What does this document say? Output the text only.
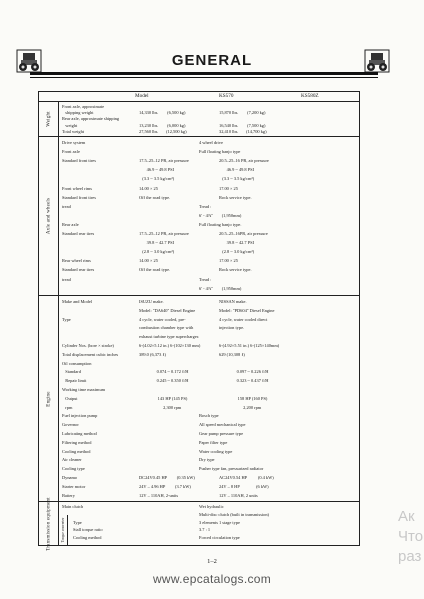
GENERAL
Model	KS570	KS580Z
Weight
Front axle, approximate
shipping weight	14,330 lbs.        (6,500 kg)	15,870 lbs.        (7,200 kg)
Rear axle, approximate shipping
weight	13,230 lbs.        (6,000 kg)	16,540 lbs.        (7,500 kg)
Total weight	27,560 lbs.       (12,500 kg)	32,410 lbs.       (14,700 kg)
Axle and wheels
Drive system	4 wheel drive
Front axle	Full floating banjo type
Standard front tires	17.5–25–12 PR, air pressure	20.5–25–16 PR, air pressure
46.9 ~ 49.8 PSI	46.9 ~ 49.8 PSI
(3.3 ~ 3.5 kg/cm²)	(3.3 ~ 3.5 kg/cm²)
Front wheel rims	14.00 × 25	17.00 × 25
Standard front tires	Off the road type.	Rock service type.
tread	Tread :
6' - 4⅞"        (1,950mm)
Rear axle	Full floating banjo type.
Standard rear tires	17.5–25–12 PR, air pressure	20.5–25–16PR, air pressure
39.8 ~ 42.7 PSI	39.8 ~ 42.7 PSI
(2.8 ~ 3.0 kg/cm²)	(2.8 ~ 3.0 kg/cm²)
Rear wheel rims	14.00 × 25	17.00 × 25
Standard rear tires	Off the road type.	Rock service type.
tread	Tread :
6' - 4⅞"        (1,950mm)
Engine
Make and Model	ISUZU make.	NISSAN make.
Model: "DA640" Diesel Engine	Model: "PD604" Diesel Engine
Type	4 cycle, water cooled, pre-	4 cycle, water cooled direct
combustion chamber type with	injection type.
exhaust turbine type supercharger.
Cylinder Nos. (bore × stroke)	6-(4.02×5.12 in.) 6-(102×130 mm)	6-(4.92×5.51 in.) 6-(125×140mm)
Total displacement cubic inches	389.0 (6,373 ℓ)	629 (10,308 ℓ)
Oil consumption
Standard	0.074 ~ 0.172 ℓ/H	0.097 ~ 0.226 ℓ/H
Repair limit	0.245 ~ 0.350 ℓ/H	0.323 ~ 0.437 ℓ/H
Working time maximum
Output	143 HP (145 PS)	158 HP (160 PS)
rpm	2,300 rpm	2,200 rpm
Fuel injection pump	Bosch type
Governor	All speed mechanical type
Lubricating method	Gear pump pressure type
Filtering method	Paper filter type
Cooling method	Water cooling type
Air cleaner	Dry type
Cooling type	Pusher type fan, pressurized radiator
Dynamo	DC24V0.45 HP         (0.35 kW)	AC24V0.54 HP          (0.4 kW)
Starter motor	24V – 4.96 HP         (3.7 kW)	24V – 8 HP               (6 kW)
Battery	12V – 110AH, 2-units	12V – 110AH, 2 units
Transmission equipment	Torque converter
Main clutch	Wet hydraulic
Multi-disc clutch (built in transmission)
Type	3 elements 1 stage type
Stall torque ratio	3.7 : 1
Cooling method	Forced circulation type
1–2
www.epcatalogs.com
Ак
Что
раз
